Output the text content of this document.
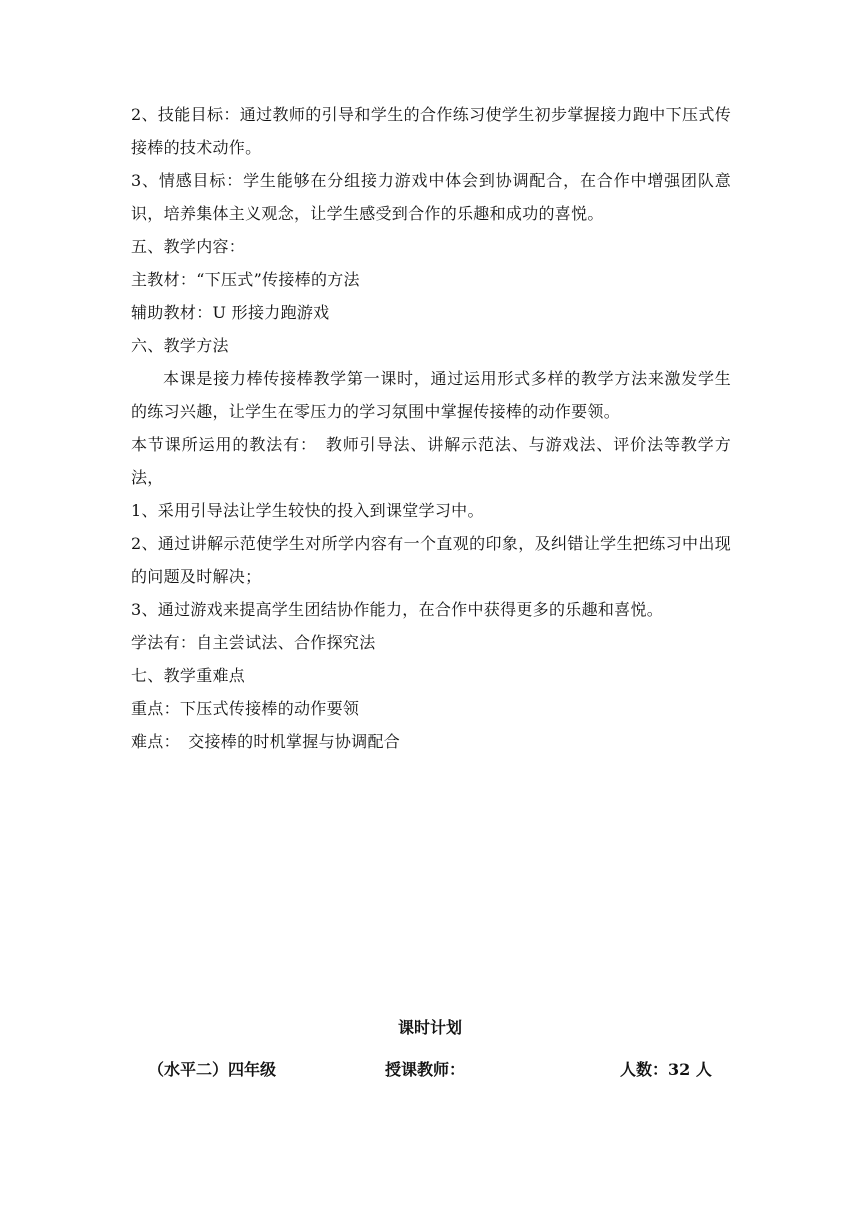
2、技能目标：通过教师的引导和学生的合作练习使学生初步掌握接力跑中下压式传接棒的技术动作。

3、情感目标：学生能够在分组接力游戏中体会到协调配合，在合作中增强团队意识，培养集体主义观念，让学生感受到合作的乐趣和成功的喜悦。

五、教学内容：

主教材：“下压式”传接棒的方法

辅助教材：U 形接力跑游戏

六、教学方法

本课是接力棒传接棒教学第一课时，通过运用形式多样的教学方法来激发学生的练习兴趣，让学生在零压力的学习氛围中掌握传接棒的动作要领。

本节课所运用的教法有：　教师引导法、讲解示范法、与游戏法、评价法等教学方法，

1、采用引导法让学生较快的投入到课堂学习中。

2、通过讲解示范使学生对所学内容有一个直观的印象，及纠错让学生把练习中出现的问题及时解决；

3、通过游戏来提高学生团结协作能力，在合作中获得更多的乐趣和喜悦。

学法有：自主尝试法、合作探究法

七、教学重难点

重点：下压式传接棒的动作要领

难点：　交接棒的时机掌握与协调配合

课时计划
（水平二）四年级	授课教师：	人数：32 人
